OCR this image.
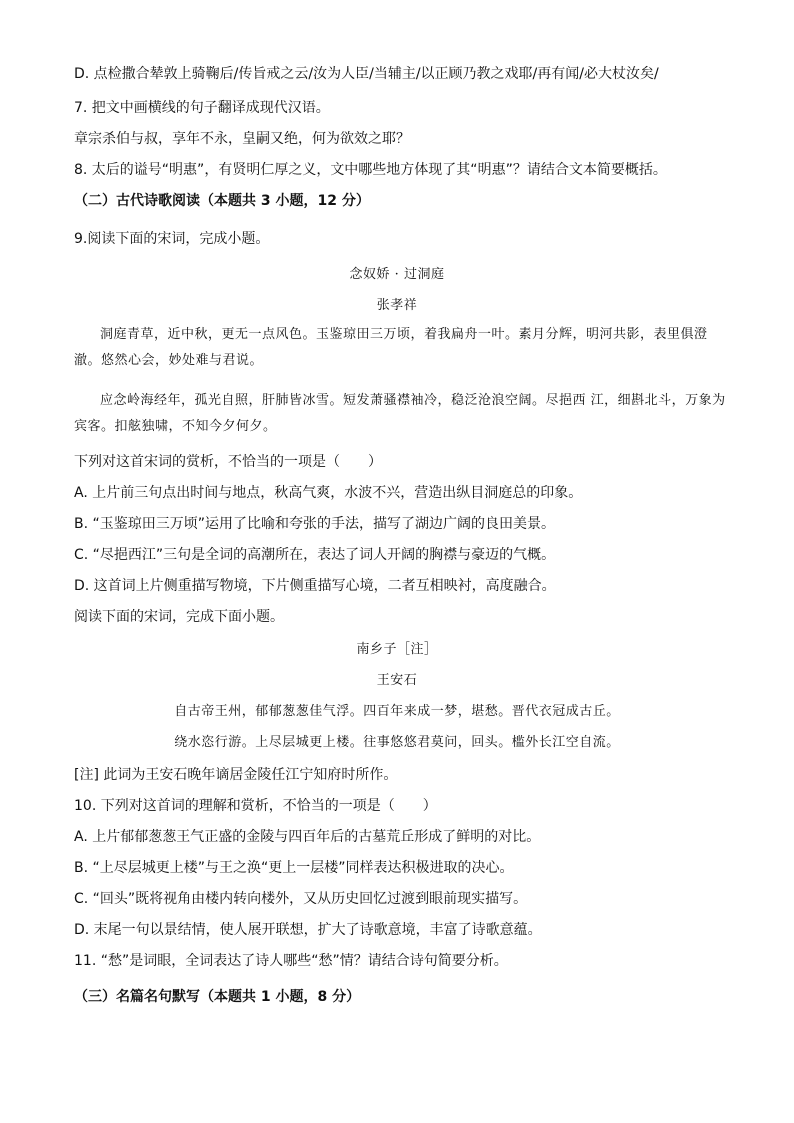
D. 点检撒合辇敦上骑鞠后/传旨戒之云/汝为人臣/当辅主/以正顾乃教之戏耶/再有闻/必大杖汝矣/
7. 把文中画横线的句子翻译成现代汉语。
章宗杀伯与叔，享年不永，皇嗣又绝，何为欲效之耶？
8. 太后的谥号“明惠”，有贤明仁厚之义，文中哪些地方体现了其“明惠”？请结合文本简要概括。
（二）古代诗歌阅读（本题共 3 小题，12 分）
9.阅读下面的宋词，完成小题。
念奴娇 · 过洞庭
张孝祥
洞庭青草，近中秋，更无一点风色。玉鉴琼田三万顷，着我扁舟一叶。素月分辉，明河共影，表里俱澄澈。悠然心会，妙处难与君说。
应念岭海经年，孤光自照，肝肺皆冰雪。短发萧骚襟袖冷，稳泛沧浪空阔。尽挹西 江，细斟北斗，万象为宾客。扣舷独啸，不知今夕何夕。
下列对这首宋词的赏析，不恰当的一项是（　　）
A. 上片前三句点出时间与地点，秋高气爽，水波不兴，营造出纵目洞庭总的印象。
B. “玉鉴琼田三万顷”运用了比喻和夸张的手法，描写了湖边广阔的良田美景。
C. “尽挹西江”三句是全词的高潮所在，表达了词人开阔的胸襟与豪迈的气概。
D. 这首词上片侧重描写物境，下片侧重描写心境，二者互相映衬，高度融合。
阅读下面的宋词，完成下面小题。
南乡子［注］
王安石
自古帝王州，郁郁葱葱佳气浮。四百年来成一梦，堪愁。晋代衣冠成古丘。
绕水恣行游。上尽层城更上楼。往事悠悠君莫问，回头。槛外长江空自流。
[注] 此词为王安石晚年谪居金陵任江宁知府时所作。
10. 下列对这首词的理解和赏析，不恰当的一项是（　　）
A. 上片郁郁葱葱王气正盛的金陵与四百年后的古墓荒丘形成了鲜明的对比。
B. “上尽层城更上楼”与王之涣“更上一层楼”同样表达积极进取的决心。
C. “回头”既将视角由楼内转向楼外，又从历史回忆过渡到眼前现实描写。
D. 末尾一句以景结情，使人展开联想，扩大了诗歌意境，丰富了诗歌意蕴。
11. “愁”是词眼，全词表达了诗人哪些“愁”情？请结合诗句简要分析。
（三）名篇名句默写（本题共 1 小题，8 分）
